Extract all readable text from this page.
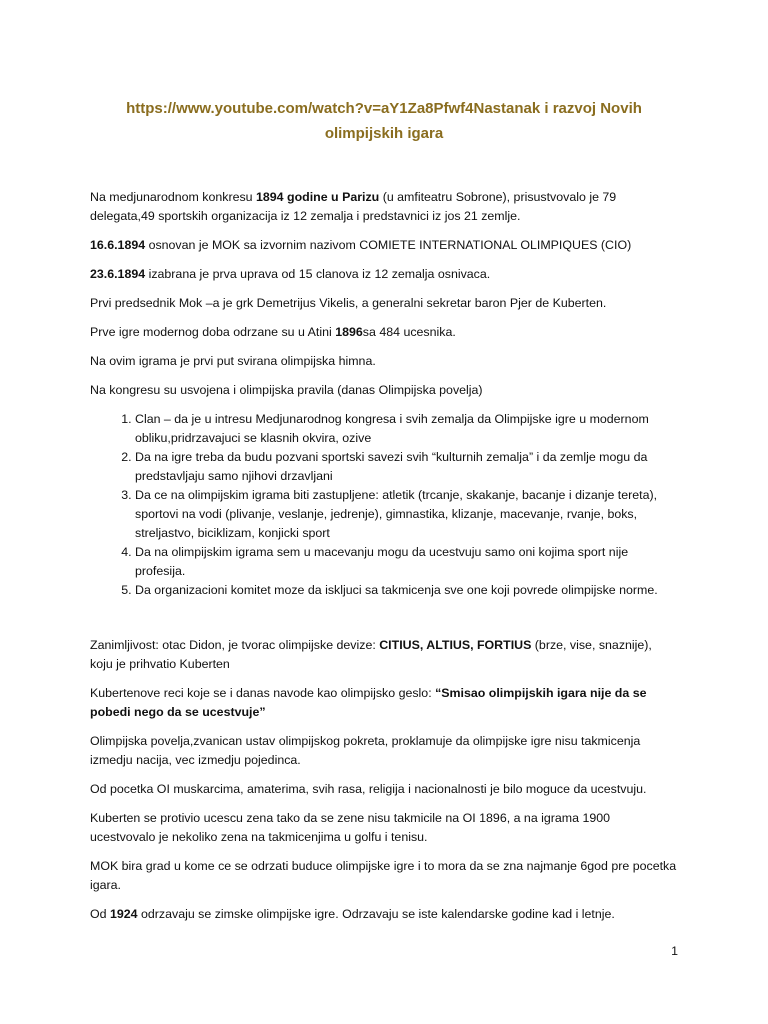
https://www.youtube.com/watch?v=aY1Za8Pfwf4Nastanak i razvoj Novih
olimpijskih igara

Na medjunarodnom konkresu 1894 godine u Parizu (u amfiteatru Sobrone), prisustvovalo je 79 delegata,49 sportskih organizacija iz 12 zemalja i predstavnici iz jos 21 zemlje.

16.6.1894 osnovan je MOK sa izvornim nazivom COMIETE INTERNATIONAL OLIMPIQUES (CIO)

23.6.1894 izabrana je prva uprava od 15 clanova iz 12 zemalja osnivaca.

Prvi predsednik Mok –a je grk Demetrijus Vikelis, a generalni sekretar baron Pjer de Kuberten.

Prve igre modernog doba odrzane su u Atini 1896sa 484 ucesnika.

Na ovim igrama je prvi put svirana olimpijska himna.

Na kongresu su usvojena i olimpijska pravila (danas Olimpijska povelja)

1. Clan – da je u intresu Medjunarodnog kongresa i svih zemalja da Olimpijske igre u modernom obliku,pridrzavajuci se klasnih okvira, ozive
2. Da na igre treba da budu pozvani sportski savezi svih “kulturnih zemalja” i da zemlje mogu da predstavljaju samo njihovi drzavljani
3. Da ce na olimpijskim igrama biti zastupljene: atletik (trcanje, skakanje, bacanje i dizanje tereta), sportovi na vodi (plivanje, veslanje, jedrenje), gimnastika, klizanje, macevanje, rvanje, boks, streljastvo, biciklizam, konjicki sport
4. Da na olimpijskim igrama sem u macevanju mogu da ucestvuju samo oni kojima sport nije profesija.
5. Da organizacioni komitet moze da iskljuci sa takmicenja sve one koji povrede olimpijske norme.

Zanimljivost: otac Didon, je tvorac olimpijske devize: CITIUS, ALTIUS, FORTIUS (brze, vise, snaznije), koju je prihvatio Kuberten

Kubertenove reci koje se i danas navode kao olimpijsko geslo: “Smisao olimpijskih igara nije da se pobedi nego da se ucestvuje”

Olimpijska povelja,zvanican ustav olimpijskog pokreta, proklamuje da olimpijske igre nisu takmicenja izmedju nacija, vec izmedju pojedinca.

Od pocetka OI muskarcima, amaterima, svih rasa, religija i nacionalnosti je bilo moguce da ucestvuju.

Kuberten se protivio ucescu zena tako da se zene nisu takmicile na OI 1896, a na igrama 1900 ucestvovalo je nekoliko zena na takmicenjima u golfu i tenisu.

MOK bira grad u kome ce se odrzati buduce olimpijske igre i to mora da se zna najmanje 6god pre pocetka igara.

Od 1924 odrzavaju se zimske olimpijske igre. Odrzavaju se iste kalendarske godine kad i letnje.

1
